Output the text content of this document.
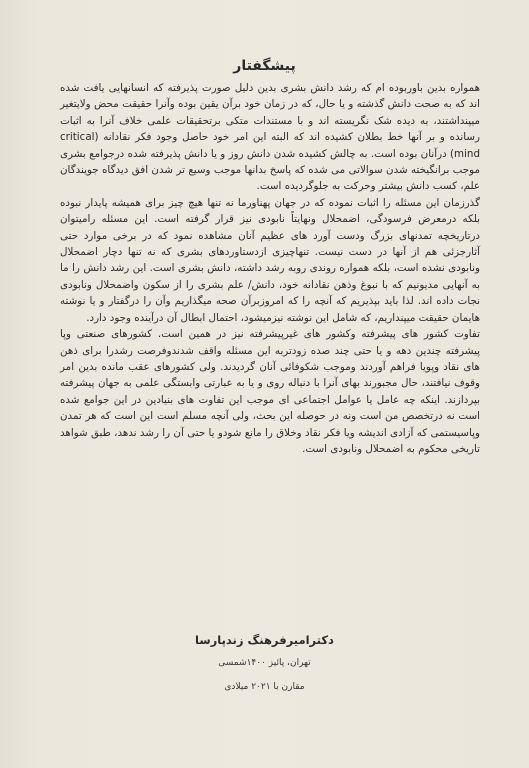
پیشگفتار

همواره بدین باوربوده ام که رشد دانش بشری بدین دلیل صورت پذیرفته که انسانهایی یافت شده اند که به صحت دانش گذشته و یا حال، که در زمان خود برآن یقین بوده وآنرا حقیقت محض ولایتغیر میپنداشتند، به دیده شک نگریسته اند و با مستندات متکی برتحقیقات علمی خلاف آنرا به اثبات رسانده و بر آنها خط بطلان کشیده اند که البته این امر خود حاصل وجود فکر نقادانه (critical mind) درآنان بوده است. به چالش کشیده شدن دانش روز و یا دانش پذیرفته شده درجوامع بشری موجب برانگیخته شدن سوالاتی می شده که پاسخ بدانها موجب وسیع تر شدن افق دیدگاه جویندگان علم، کسب دانش بیشتر وحرکت به جلوگردیده است.

گذرزمان این مسئله را اثبات نموده که در جهان پهناورما نه تنها هیچ چیز برای همیشه پایدار نبوده بلکه درمعرض فرسودگی، اضمحلال ونهایتاً نابودی نیز قرار گرفته است. این مسئله رامیتوان درتاریخچه تمدنهای بزرگ ودست آورد های عظیم آنان مشاهده نمود که در برخی موارد حتی آثارجزئی هم از آنها در دست نیست. تنهاچیزی ازدستاوردهای بشری که نه تنها دچار اضمحلال ونابودی نشده است، بلکه همواره روندی روبه رشد داشته، دانش بشری است. این رشد دانش را ما به آنهایی مدیونیم که با نبوغ وذهن نقادانه خود، دانش/ علم بشری را از سکون واضمحلال ونابودی نجات داده اند. لذا باید بپذیریم که آنچه را که امروزبرآن صحه میگذاریم وآن را درگفتار و یا نوشته هایمان حقیقت میپنداریم، که شامل این نوشته نیزمیشود، احتمال ابطال آن درآینده وجود دارد.

تفاوت کشور های پیشرفته وکشور های غیرپیشرفته نیز در همین است. کشورهای صنعتی وپا پیشرفته چندین دهه و یا حتی چند صده زودتربه این مسئله واقف شدندوفرصت رشدرا برای ذهن های نقاد وپویا فراهم آوردند وموجب شکوفائی آنان گردیدند. ولی کشورهای عقب مانده بدین امر وقوف نیافتند، حال مجبورند بهای آنرا با دنباله روی و یا به عبارتی وابستگی علمی به جهان پیشرفته بپردازند. اینکه چه عامل یا عوامل اجتماعی ای موجب این تفاوت های بنیادین در این جوامع شده است نه درتخصص من است ونه در حوصله این بحث، ولی آنچه مسلم است این است که هر تمدن وپاسیستمی که آزادی اندیشه ویا فکر نقاد وخلاق را مانع شودو یا حتی آن را رشد ندهد، طبق شواهد تاریخی محکوم به اضمحلال ونابودی است.

دکترامیرفرهنگ زندپارسا
تهران، پائیز ۱۴۰۰شمسی
مقارن با ۲۰۲۱ میلادی
